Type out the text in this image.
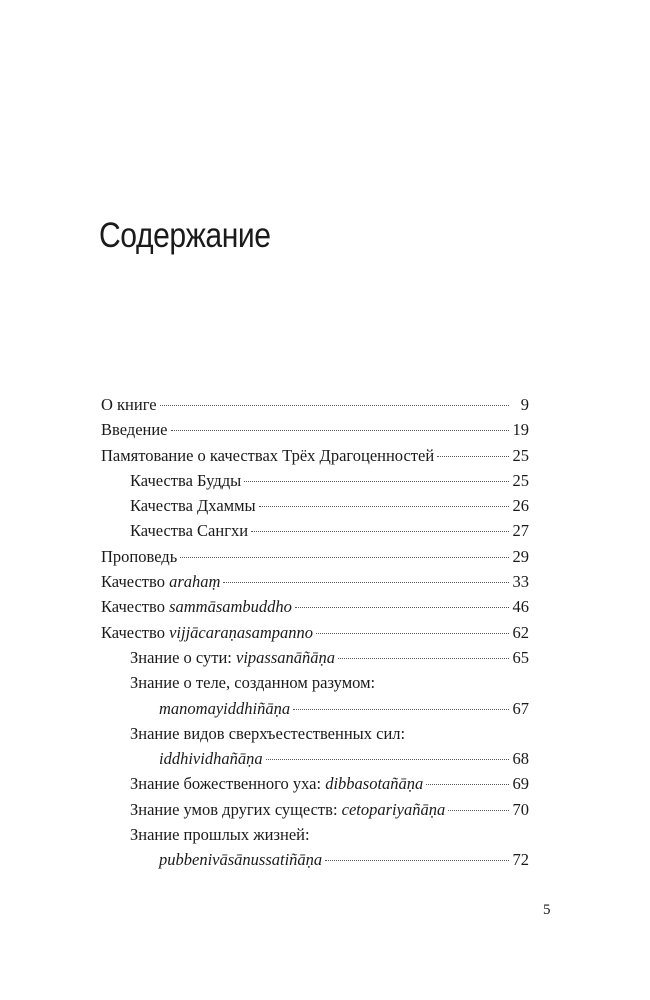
Содержание
О книге	9
Введение	19
Памятование о качествах Трёх Драгоценностей	25
Качества Будды	25
Качества Дхаммы	26
Качества Сангхи	27
Проповедь	29
Качество arahaṃ	33
Качество sammāsambuddho	46
Качество vijjācaraṇasampanno	62
Знание о сути: vipassanāñāṇa	65
Знание о теле, созданном разумом:
manomayiddhiñāṇa	67
Знание видов сверхъестественных сил:
iddhividhañāṇa	68
Знание божественного уха: dibbasotañāṇa	69
Знание умов других существ: cetopariyañāṇa	70
Знание прошлых жизней:
pubbenivāsānussatiñāṇa	72
5
